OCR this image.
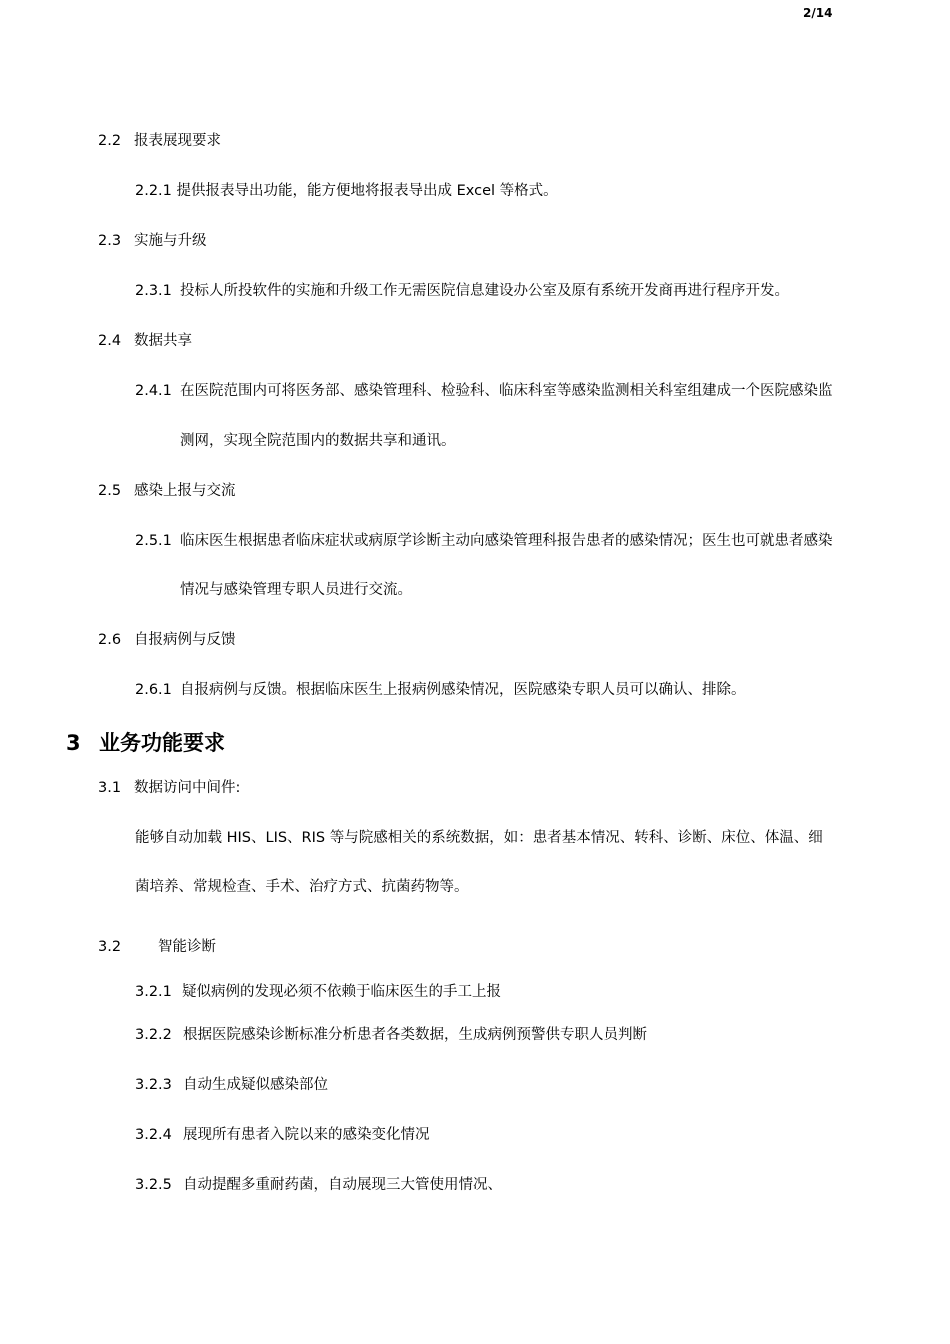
2/14
2.2 报表展现要求
2.2.1 提供报表导出功能，能方便地将报表导出成 Excel 等格式。
2.3 实施与升级
2.3.1 投标人所投软件的实施和升级工作无需医院信息建设办公室及原有系统开发商再进行程序开发。
2.4 数据共享
2.4.1 在医院范围内可将医务部、感染管理科、检验科、临床科室等感染监测相关科室组建成一个医院感染监
测网，实现全院范围内的数据共享和通讯。
2.5 感染上报与交流
2.5.1 临床医生根据患者临床症状或病原学诊断主动向感染管理科报告患者的感染情况；医生也可就患者感染
情况与感染管理专职人员进行交流。
2.6 自报病例与反馈
2.6.1 自报病例与反馈。根据临床医生上报病例感染情况，医院感染专职人员可以确认、排除。
3 业务功能要求
3.1 数据访问中间件:
能够自动加载 HIS、LIS、RIS 等与院感相关的系统数据，如：患者基本情况、转科、诊断、床位、体温、细
菌培养、常规检查、手术、治疗方式、抗菌药物等。
3.2	智能诊断
3.2.1 疑似病例的发现必须不依赖于临床医生的手工上报
3.2.2 根据医院感染诊断标准分析患者各类数据，生成病例预警供专职人员判断
3.2.3 自动生成疑似感染部位
3.2.4 展现所有患者入院以来的感染变化情况
3.2.5 自动提醒多重耐药菌，自动展现三大管使用情况、
